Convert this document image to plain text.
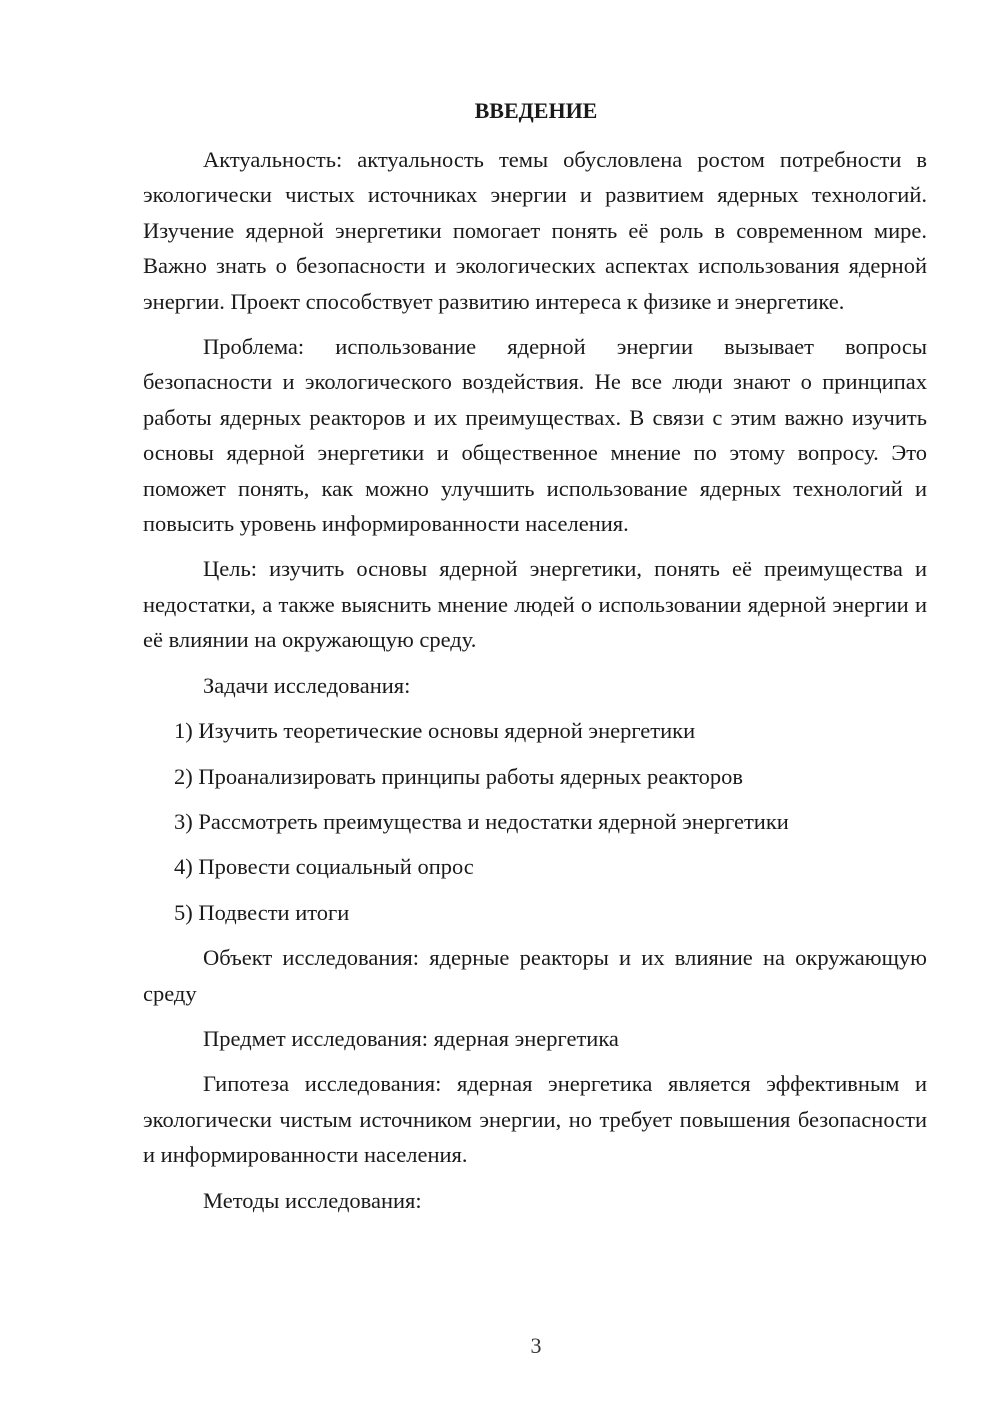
ВВЕДЕНИЕ

Актуальность: актуальность темы обусловлена ростом потребности в экологически чистых источниках энергии и развитием ядерных технологий. Изучение ядерной энергетики помогает понять её роль в современном мире. Важно знать о безопасности и экологических аспектах использования ядерной энергии. Проект способствует развитию интереса к физике и энергетике.

Проблема: использование ядерной энергии вызывает вопросы безопасности и экологического воздействия. Не все люди знают о принципах работы ядерных реакторов и их преимуществах. В связи с этим важно изучить основы ядерной энергетики и общественное мнение по этому вопросу. Это поможет понять, как можно улучшить использование ядерных технологий и повысить уровень информированности населения.

Цель: изучить основы ядерной энергетики, понять её преимущества и недостатки, а также выяснить мнение людей о использовании ядерной энергии и её влиянии на окружающую среду.

Задачи исследования:

1) Изучить теоретические основы ядерной энергетики

2) Проанализировать принципы работы ядерных реакторов

3) Рассмотреть преимущества и недостатки ядерной энергетики

4) Провести социальный опрос

5) Подвести итоги

Объект исследования: ядерные реакторы и их влияние на окружающую среду

Предмет исследования: ядерная энергетика

Гипотеза исследования: ядерная энергетика является эффективным и экологически чистым источником энергии, но требует повышения безопасности и информированности населения.

Методы исследования:

3
